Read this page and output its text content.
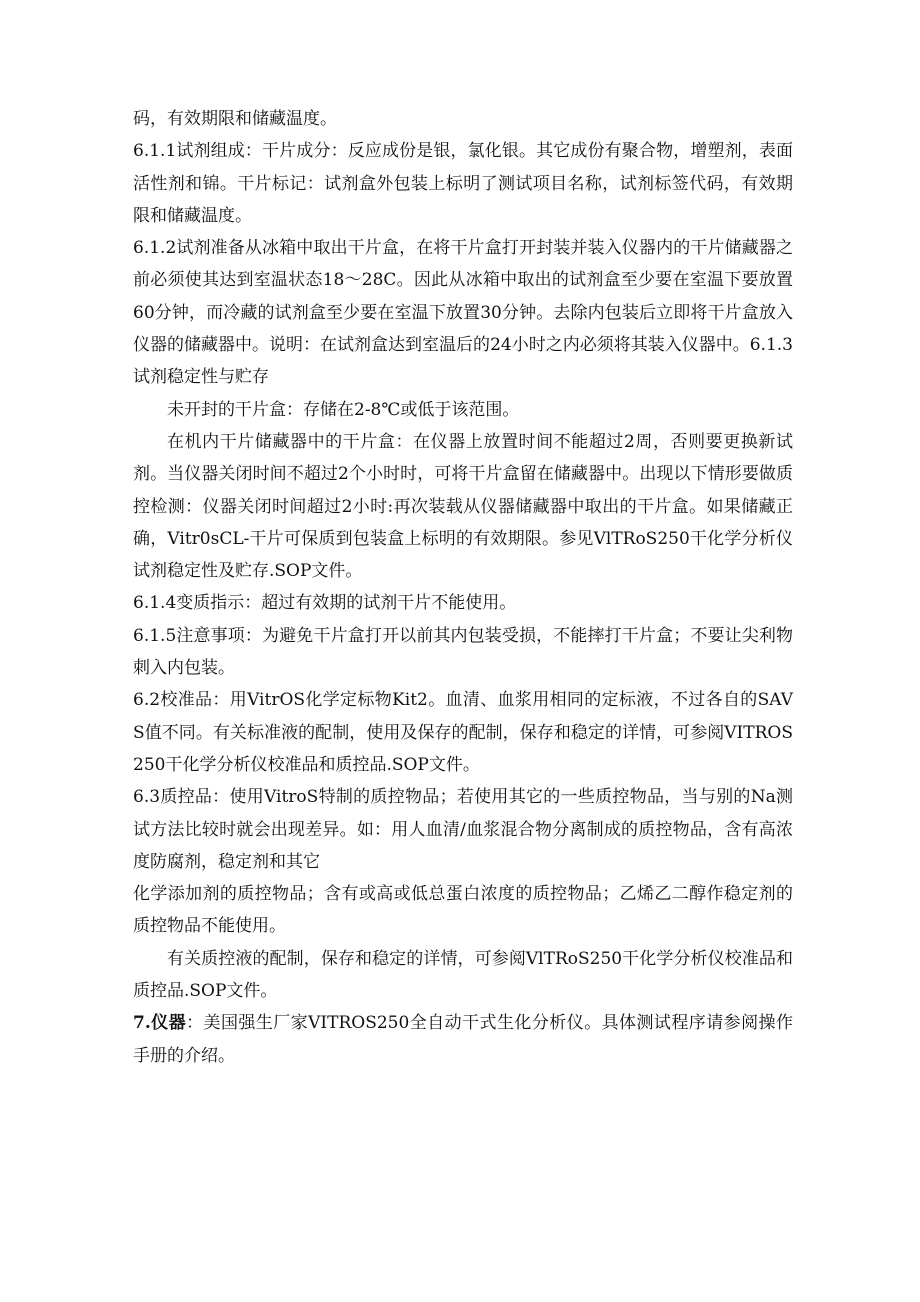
码，有效期限和储藏温度。

6.1.1试剂组成：干片成分：反应成份是银，氯化银。其它成份有聚合物，增塑剂，表面活性剂和锦。干片标记：试剂盒外包装上标明了测试项目名称，试剂标签代码，有效期限和储藏温度。

6.1.2试剂准备从冰箱中取出干片盒，在将干片盒打开封装并装入仪器内的干片储藏器之前必须使其达到室温状态18～28C。因此从冰箱中取出的试剂盒至少要在室温下要放置60分钟，而冷藏的试剂盒至少要在室温下放置30分钟。去除内包装后立即将干片盒放入仪器的储藏器中。说明：在试剂盒达到室温后的24小时之内必须将其装入仪器中。6.1.3试剂稳定性与贮存

未开封的干片盒：存储在2-8℃或低于该范围。

在机内干片储藏器中的干片盒：在仪器上放置时间不能超过2周，否则要更换新试剂。当仪器关闭时间不超过2个小时时，可将干片盒留在储藏器中。出现以下情形要做质控检测：仪器关闭时间超过2小时:再次装载从仪器储藏器中取出的干片盒。如果储藏正确，Vitr0sCL-干片可保质到包装盒上标明的有效期限。参见VlTRoS250干化学分析仪试剂稳定性及贮存.SOP文件。

6.1.4变质指示：超过有效期的试剂干片不能使用。

6.1.5注意事项：为避免干片盒打开以前其内包装受损，不能摔打干片盒；不要让尖利物刺入内包装。

6.2校准品：用VitrOS化学定标物Kit2。血清、血浆用相同的定标液，不过各自的SAVS值不同。有关标准液的配制，使用及保存的配制，保存和稳定的详情，可参阅VITROS250干化学分析仪校准品和质控品.SOP文件。

6.3质控品：使用VitroS特制的质控物品；若使用其它的一些质控物品，当与别的Na测试方法比较时就会出现差异。如：用人血清/血浆混合物分离制成的质控物品，含有高浓度防腐剂，稳定剂和其它

化学添加剂的质控物品；含有或高或低总蛋白浓度的质控物品；乙烯乙二醇作稳定剂的质控物品不能使用。

有关质控液的配制，保存和稳定的详情，可参阅VlTRoS250干化学分析仪校准品和质控品.SOP文件。

7.仪器：美国强生厂家VITROS250全自动干式生化分析仪。具体测试程序请参阅操作手册的介绍。
